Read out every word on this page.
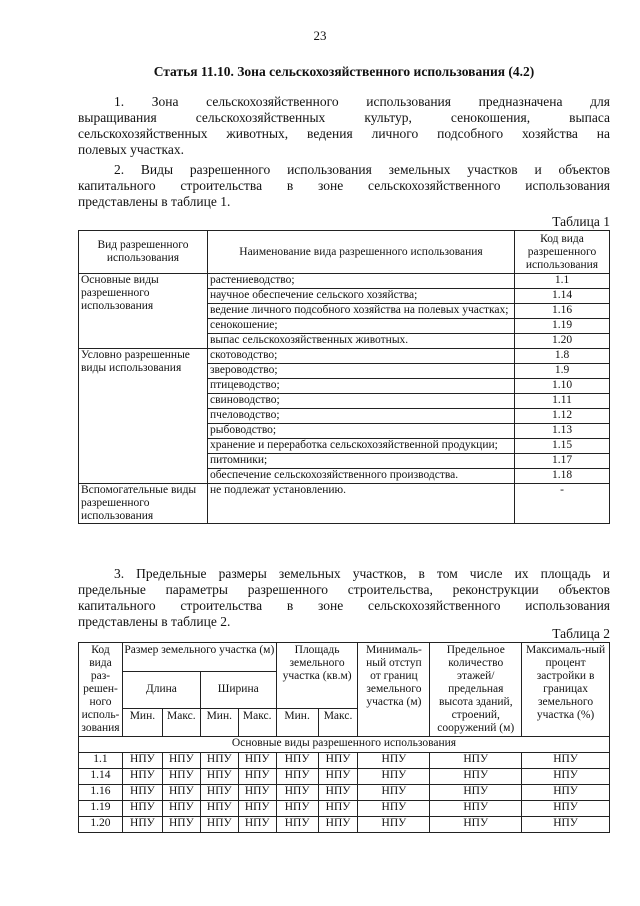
23
Статья 11.10. Зона сельскохозяйственного использования (4.2)
1. Зона сельскохозяйственного использования предназначена для
выращивания сельскохозяйственных культур, сенокошения, выпаса
сельскохозяйственных животных, ведения личного подсобного хозяйства на
полевых участках.
2. Виды разрешенного использования земельных участков и объектов
капитального строительства в зоне сельскохозяйственного использования
представлены в таблице 1.
Таблица 1
Вид разрешенного использования	Наименование вида разрешенного использования	Код вида разрешенного использования
Основные виды разрешенного использования	растениеводство;	1.1
	научное обеспечение сельского хозяйства;	1.14
	ведение личного подсобного хозяйства на полевых участках;	1.16
	сенокошение;	1.19
	выпас сельскохозяйственных животных.	1.20
Условно разрешенные виды использования	скотоводство;	1.8
	звероводство;	1.9
	птицеводство;	1.10
	свиноводство;	1.11
	пчеловодство;	1.12
	рыбоводство;	1.13
	хранение и переработка сельскохозяйственной продукции;	1.15
	питомники;	1.17
	обеспечение сельскохозяйственного производства.	1.18
Вспомогательные виды разрешенного использования	не подлежат установлению.	-
3. Предельные размеры земельных участков, в том числе их площадь и
предельные параметры разрешенного строительства, реконструкции объектов
капитального строительства в зоне сельскохозяйственного использования
представлены в таблице 2.
Таблица 2
Код вида раз-решен-ного исполь-зования	Размер земельного участка (м)				Площадь земельного участка (кв.м)		Минималь-ный отступ от границ земельного участка (м)	Предельное количество этажей/ предельная высота зданий, строений, сооружений (м)	Максималь-ный процент застройки в границах земельного участка (%)
	Длина		Ширина						
	Мин.	Макс.	Мин.	Макс.	Мин.	Макс.			
Основные виды разрешенного использования									
1.1	НПУ	НПУ	НПУ	НПУ	НПУ	НПУ	НПУ	НПУ	НПУ
1.14	НПУ	НПУ	НПУ	НПУ	НПУ	НПУ	НПУ	НПУ	НПУ
1.16	НПУ	НПУ	НПУ	НПУ	НПУ	НПУ	НПУ	НПУ	НПУ
1.19	НПУ	НПУ	НПУ	НПУ	НПУ	НПУ	НПУ	НПУ	НПУ
1.20	НПУ	НПУ	НПУ	НПУ	НПУ	НПУ	НПУ	НПУ	НПУ
